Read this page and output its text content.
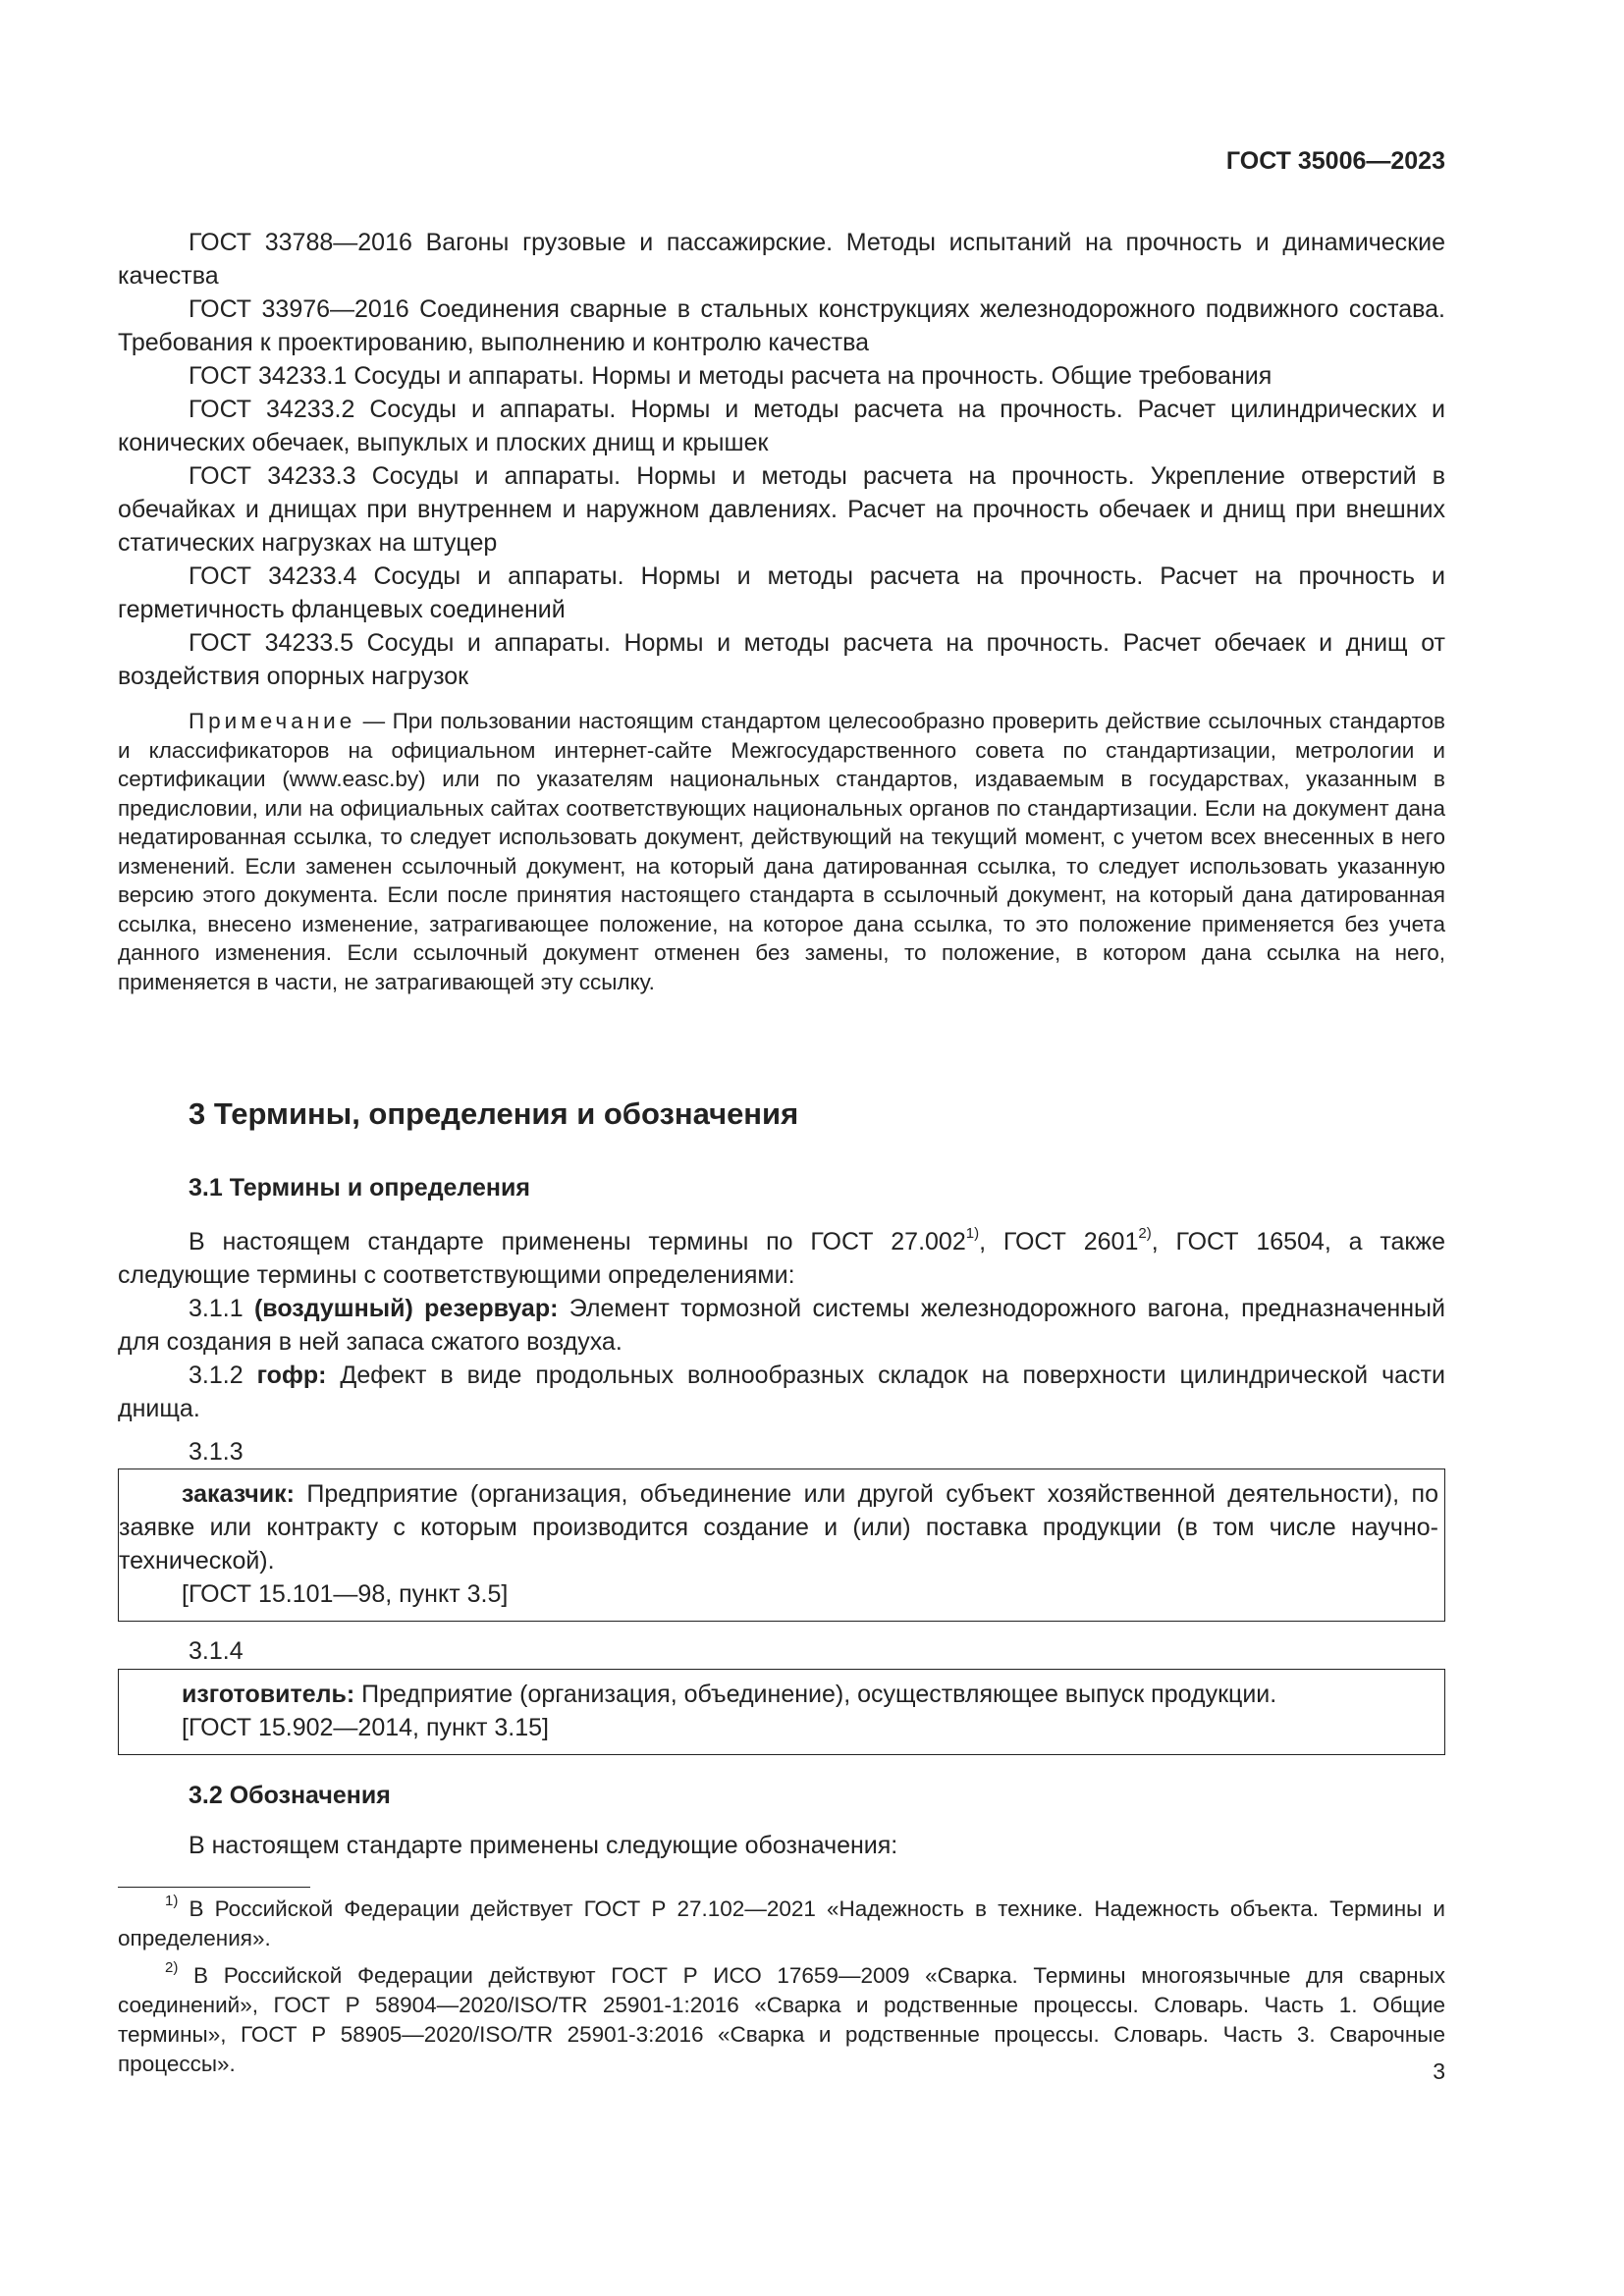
ГОСТ 35006—2023

ГОСТ 33788—2016 Вагоны грузовые и пассажирские. Методы испытаний на прочность и динамические качества

ГОСТ 33976—2016 Соединения сварные в стальных конструкциях железнодорожного подвижного состава. Требования к проектированию, выполнению и контролю качества

ГОСТ 34233.1 Сосуды и аппараты. Нормы и методы расчета на прочность. Общие требования

ГОСТ 34233.2 Сосуды и аппараты. Нормы и методы расчета на прочность. Расчет цилиндрических и конических обечаек, выпуклых и плоских днищ и крышек

ГОСТ 34233.3 Сосуды и аппараты. Нормы и методы расчета на прочность. Укрепление отверстий в обечайках и днищах при внутреннем и наружном давлениях. Расчет на прочность обечаек и днищ при внешних статических нагрузках на штуцер

ГОСТ 34233.4 Сосуды и аппараты. Нормы и методы расчета на прочность. Расчет на прочность и герметичность фланцевых соединений

ГОСТ 34233.5 Сосуды и аппараты. Нормы и методы расчета на прочность. Расчет обечаек и днищ от воздействия опорных нагрузок

Примечание — При пользовании настоящим стандартом целесообразно проверить действие ссылочных стандартов и классификаторов на официальном интернет-сайте Межгосударственного совета по стандартизации, метрологии и сертификации (www.easc.by) или по указателям национальных стандартов, издаваемым в государствах, указанным в предисловии, или на официальных сайтах соответствующих национальных органов по стандартизации. Если на документ дана недатированная ссылка, то следует использовать документ, действующий на текущий момент, с учетом всех внесенных в него изменений. Если заменен ссылочный документ, на который дана датированная ссылка, то следует использовать указанную версию этого документа. Если после принятия настоящего стандарта в ссылочный документ, на который дана датированная ссылка, внесено изменение, затрагивающее положение, на которое дана ссылка, то это положение применяется без учета данного изменения. Если ссылочный документ отменен без замены, то положение, в котором дана ссылка на него, применяется в части, не затрагивающей эту ссылку.

3 Термины, определения и обозначения
3.1 Термины и определения

В настоящем стандарте применены термины по ГОСТ 27.002$^{1)}$, ГОСТ 2601$^{2)}$, ГОСТ 16504, а также следующие термины с соответствующими определениями:

3.1.1 (воздушный) резервуар: Элемент тормозной системы железнодорожного вагона, предназначенный для создания в ней запаса сжатого воздуха.

3.1.2 гофр: Дефект в виде продольных волнообразных складок на поверхности цилиндрической части днища.

3.1.3

заказчик: Предприятие (организация, объединение или другой субъект хозяйственной деятельности), по заявке или контракту с которым производится создание и (или) поставка продукции (в том числе научно-технической).

[ГОСТ 15.101—98, пункт 3.5]

3.1.4

изготовитель: Предприятие (организация, объединение), осуществляющее выпуск продукции.

[ГОСТ 15.902—2014, пункт 3.15]

3.2 Обозначения
В настоящем стандарте применены следующие обозначения:

$^{1)}$ В Российской Федерации действует ГОСТ Р 27.102—2021 «Надежность в технике. Надежность объекта. Термины и определения».

$^{2)}$ В Российской Федерации действуют ГОСТ Р ИСО 17659—2009 «Сварка. Термины многоязычные для сварных соединений», ГОСТ Р 58904—2020/ISO/TR 25901-1:2016 «Сварка и родственные процессы. Словарь. Часть 1. Общие термины», ГОСТ Р 58905—2020/ISO/TR 25901-3:2016 «Сварка и родственные процессы. Словарь. Часть 3. Сварочные процессы».	3
